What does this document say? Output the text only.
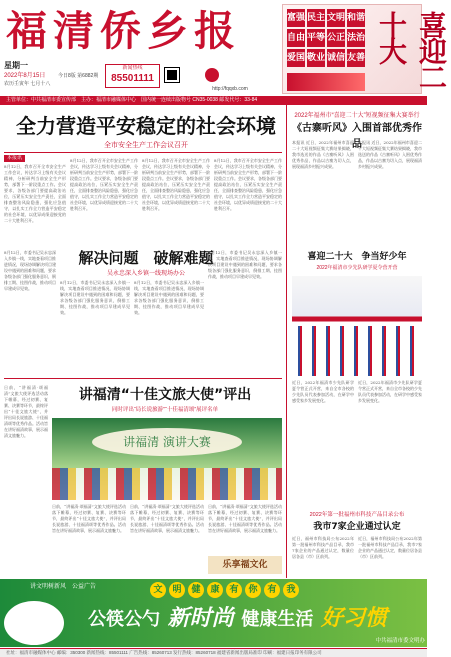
福清侨乡报
星期一
2022年8月15日
农历壬寅年 七月十八
今日8版 第6882期
新闻热线
85501111
http://fqqxb.com
富强 民主 文明 和谐
自由 平等 公正 法治
爱国 敬业 诚信 友善	喜迎二十大
主管单位：中共福清市委宣传部　主办：福清市融媒体中心　国内统一连续出版物号 CN35-0038 邮发代号：33-84
全力营造平安稳定的社会环境
全市安全生产工作会议召开
本报讯
8月12日，我市召开全市安全生产工作会议，传达学习上级有关会议精神，分析研判当前安全生产形势，部署下一阶段重点工作。会议要求，各级各部门要提高政治站位，压紧压实安全生产责任，全面排查整治风险隐患，强化应急值守，以扎实工作全力营造平安稳定的社会环境，以优异成绩迎接党的二十大胜利召开。
8月12日，我市召开全市安全生产工作会议，传达学习上级有关会议精神，分析研判当前安全生产形势，部署下一阶段重点工作。会议要求，各级各部门要提高政治站位，压紧压实安全生产责任，全面排查整治风险隐患，强化应急值守，以扎实工作全力营造平安稳定的社会环境，以优异成绩迎接党的二十大胜利召开。
8月12日，我市召开全市安全生产工作会议，传达学习上级有关会议精神，分析研判当前安全生产形势，部署下一阶段重点工作。会议要求，各级各部门要提高政治站位，压紧压实安全生产责任，全面排查整治风险隐患，强化应急值守，以扎实工作全力营造平安稳定的社会环境，以优异成绩迎接党的二十大胜利召开。
8月12日，我市召开全市安全生产工作会议，传达学习上级有关会议精神，分析研判当前安全生产形势，部署下一阶段重点工作。会议要求，各级各部门要提高政治站位，压紧压实安全生产责任，全面排查整治风险隐患，强化应急值守，以扎实工作全力营造平安稳定的社会环境，以优异成绩迎接党的二十大胜利召开。
解决问题　破解难题
吴永忠深入乡镇一线现场办公
8月12日，市委书记吴永忠深入乡镇一线，实地查看项目推进情况，现场协调解决项目建设中遇到的困难和问题，要求各级各部门强化服务意识，倒排工期、挂图作战，推动项目早建成早见效。
8月12日，市委书记吴永忠深入乡镇一线，实地查看项目推进情况，现场协调解决项目建设中遇到的困难和问题，要求各级各部门强化服务意识，倒排工期、挂图作战，推动项目早建成早见效。
8月12日，市委书记吴永忠深入乡镇一线，实地查看项目推进情况，现场协调解决项目建设中遇到的困难和问题，要求各级各部门强化服务意识，倒排工期、挂图作战，推动项目早建成早见效。
8月12日，市委书记吴永忠深入乡镇一线，实地查看项目推进情况，现场协调解决项目建设中遇到的困难和问题，要求各级各部门强化服务意识，倒排工期、挂图作战，推动项目早建成早见效。
讲福清“十佳文旅大使”评出
同时评出“局长说旅游”“十佳福清颂”展评名单
日前，“讲福清·颂福清”文旅大使评选活动落下帷幕，经过初赛、复赛、决赛等环节，最终评出“十佳文旅大使”，并评出局长说旅游、十佳福清颂等优秀作品。活动旨在讲好福清故事，展示福清文旅魅力。	讲福清 演讲大赛
日前，“讲福清·颂福清”文旅大使评选活动落下帷幕，经过初赛、复赛、决赛等环节，最终评出“十佳文旅大使”，并评出局长说旅游、十佳福清颂等优秀作品。活动旨在讲好福清故事，展示福清文旅魅力。
日前，“讲福清·颂福清”文旅大使评选活动落下帷幕，经过初赛、复赛、决赛等环节，最终评出“十佳文旅大使”，并评出局长说旅游、十佳福清颂等优秀作品。活动旨在讲好福清故事，展示福清文旅魅力。
日前，“讲福清·颂福清”文旅大使评选活动落下帷幕，经过初赛、复赛、决赛等环节，最终评出“十佳文旅大使”，并评出局长说旅游、十佳福清颂等优秀作品。活动旨在讲好福清故事，展示福清文旅魅力。
乐享福文化
2022年福州市“喜迎二十大”短视频征集大赛举行
《古寨听风》入围首部优秀作品
本报讯 近日，2022年福州市喜迎二十大短视频征集大赛结果揭晓，我市选送的作品《古寨听风》入围优秀作品，作品以古寨为切入点，展现福清乡村振兴成果。
本报讯 近日，2022年福州市喜迎二十大短视频征集大赛结果揭晓，我市选送的作品《古寨听风》入围优秀作品，作品以古寨为切入点，展现福清乡村振兴成果。
喜迎二十大　争当好少年
2022年福清市少先队研学夏令营开营
近日，2022年福清市少先队研学夏令营正式开营，来自全市各校的少先队员代表参加活动，在研学中感受家乡发展变化。
近日，2022年福清市少先队研学夏令营正式开营，来自全市各校的少先队员代表参加活动，在研学中感受家乡发展变化。
2022年第一批福州市科技产品目录公布
我市7家企业通过认定
近日，福州市科技局公布2022年第一批福州市科技产品目录，我市7家企业的产品通过认定，数量位居各县（市）区前列。
近日，福州市科技局公布2022年第一批福州市科技产品目录，我市7家企业的产品通过认定，数量位居各县（市）区前列。
讲文明树新风　公益广告	文	明	健	康	有	你	有	我
公筷公勺 新时尚 健康生活 好习惯
中共福清市委文明办
社址：福清市融媒体中心 邮编：350300 新闻热线：85501111 广告热线：85260713 发行热线：85260718 福建省新闻出版局准印 印刷：福建日报印务有限公司
